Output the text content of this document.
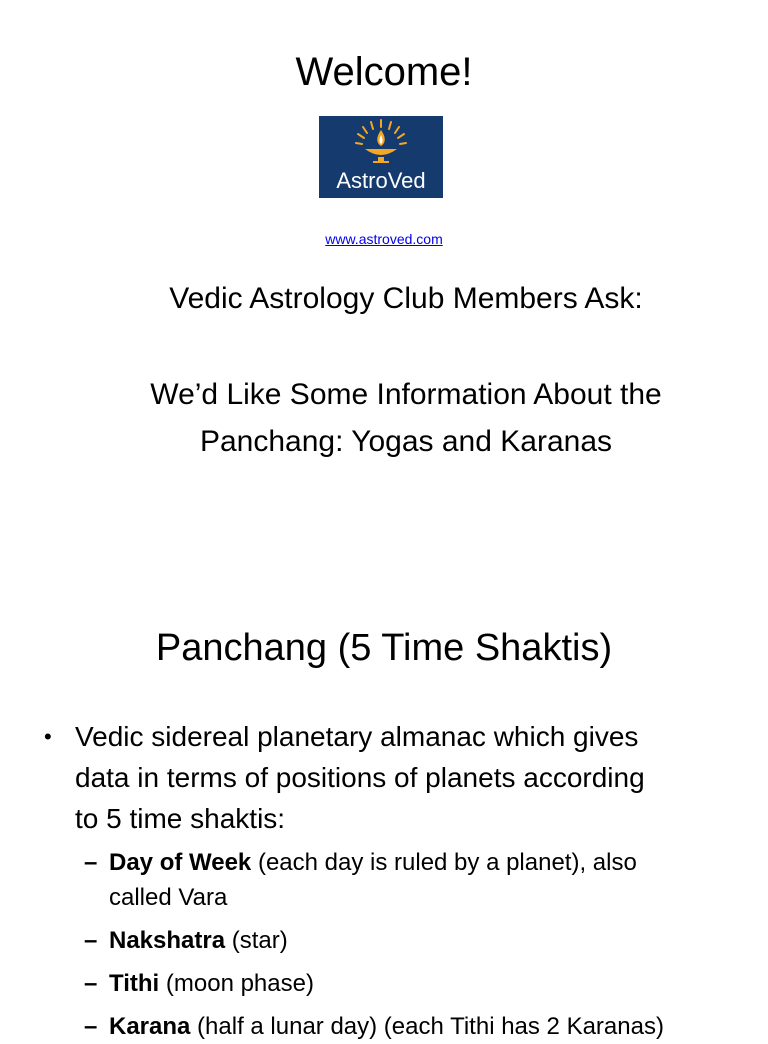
Welcome!
AstroVed
www.astroved.com
Vedic Astrology Club Members Ask:
We’d Like Some Information About the
Panchang: Yogas and Karanas
Panchang (5 Time Shaktis)
• Vedic sidereal planetary almanac which gives
data in terms of positions of planets according
to 5 time shaktis:
– Day of Week (each day is ruled by a planet), also
called Vara
– Nakshatra (star)
– Tithi (moon phase)
– Karana (half a lunar day) (each Tithi has 2 Karanas)
